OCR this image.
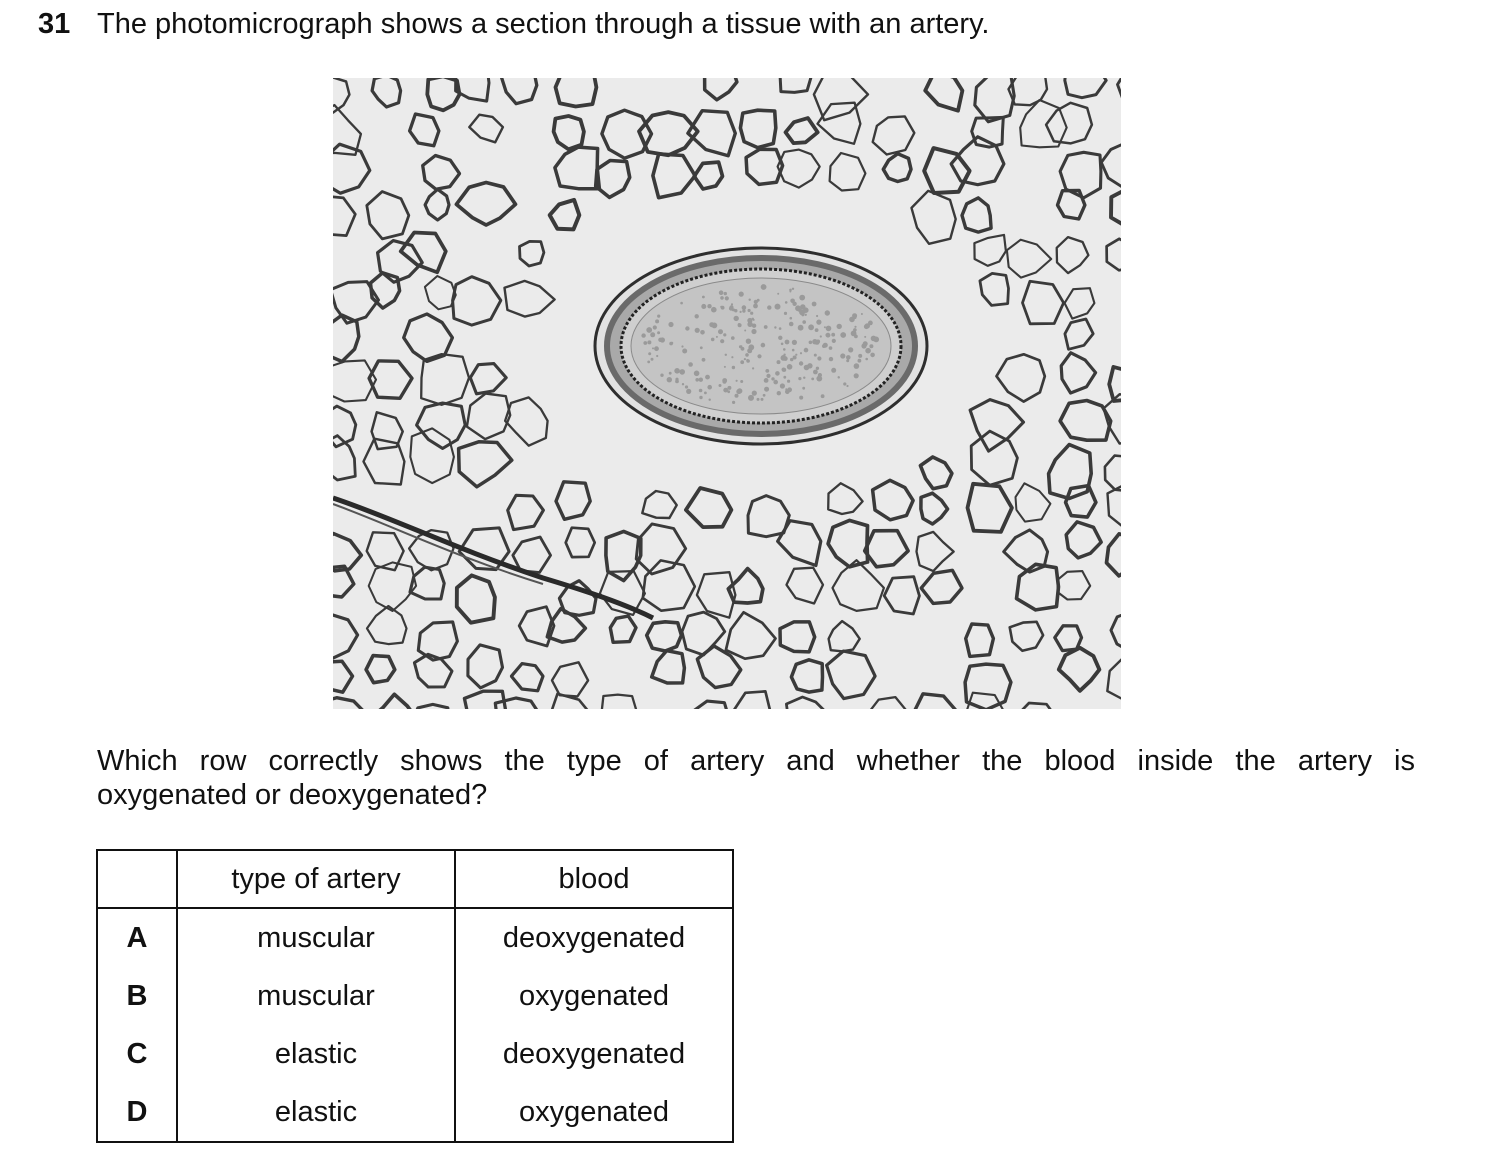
31 The photomicrograph shows a section through a tissue with an artery.
Which row correctly shows the type of artery and whether the blood inside the artery is
oxygenated or deoxygenated?
	type of artery	blood
A	muscular	deoxygenated
B	muscular	oxygenated
C	elastic	deoxygenated
D	elastic	oxygenated
